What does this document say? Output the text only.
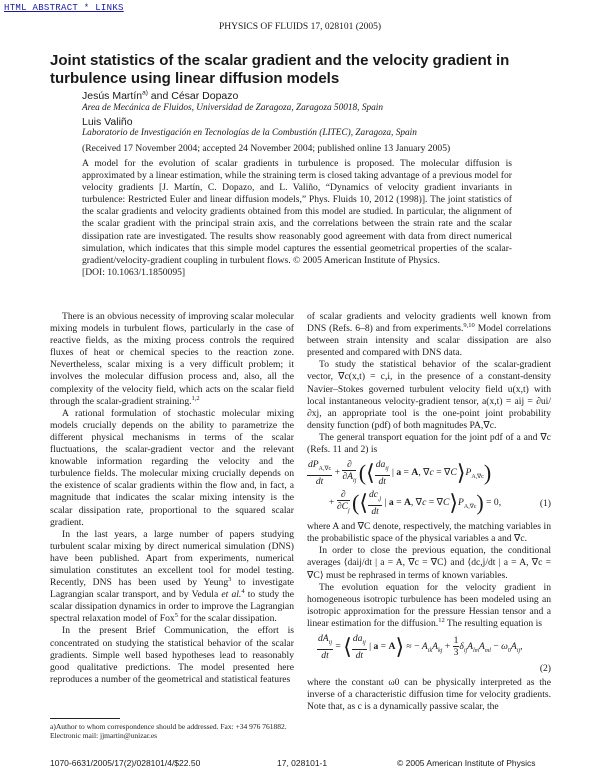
HTML ABSTRACT * LINKS
PHYSICS OF FLUIDS 17, 028101 (2005)
Joint statistics of the scalar gradient and the velocity gradient in turbulence using linear diffusion models
Jesús Martín$^{a)}$ and César Dopazo
Area de Mecánica de Fluidos, Universidad de Zaragoza, Zaragoza 50018, Spain
Luis Valiño
Laboratorio de Investigación en Tecnologías de la Combustión (LITEC), Zaragoza, Spain
(Received 17 November 2004; accepted 24 November 2004; published online 13 January 2005)
A model for the evolution of scalar gradients in turbulence is proposed. The molecular diffusion is approximated by a linear estimation, while the straining term is closed taking advantage of a previous model for velocity gradients [J. Martín, C. Dopazo, and L. Valiño, “Dynamics of velocity gradient invariants in turbulence: Restricted Euler and linear diffusion models,” Phys. Fluids 10, 2012 (1998)]. The joint statistics of the scalar gradients and velocity gradients obtained from this model are studied. In particular, the alignment of the scalar gradient with the principal strain axis, and the correlations between the strain rate and the scalar dissipation rate are investigated. The results show reasonably good agreement with data from direct numerical simulation, which indicates that this simple model captures the essential geometrical properties of the scalar-gradient/velocity-gradient coupling in turbulent flows. © 2005 American Institute of Physics.
[DOI: 10.1063/1.1850095]

There is an obvious necessity of improving scalar molecular mixing models in turbulent flows, particularly in the case of reactive fields, as the mixing process controls the required fluxes of heat or chemical species to the reaction zone. Nevertheless, scalar mixing is a very difficult problem; it involves the molecular diffusion process and, also, all the complexity of the velocity field, which acts on the scalar field through the scalar-gradient straining.$^{1,2}$

A rational formulation of stochastic molecular mixing models crucially depends on the ability to parametrize the different physical mechanisms in terms of the scalar fluctuations, the scalar-gradient vector and the relevant knowable information regarding the velocity and the turbulence fields. The molecular mixing crucially depends on the existence of scalar gradients within the flow and, in fact, a magnitude that indicates the scalar mixing intensity is the scalar dissipation rate, proportional to the squared scalar gradient.

In the last years, a large number of papers studying turbulent scalar mixing by direct numerical simulation (DNS) have been published. Apart from experiments, numerical simulation constitutes an excellent tool for model testing. Recently, DNS has been used by Yeung$^3$ to investigate Lagrangian scalar transport, and by Vedula et al.$^4$ to study the scalar dissipation dynamics in order to improve the Lagrangian spectral relaxation model of Fox$^5$ for the scalar dissipation.

In the present Brief Communication, the effort is concentrated on studying the statistical behavior of the scalar gradients. Simple well based hypotheses lead to reasonably good qualitative predictions. The model presented here reproduces a number of the geometrical and statistical features

a)Author to whom correspondence should be addressed. Fax: +34 976 761882. Electronic mail: jjmartin@unizar.es

of scalar gradients and velocity gradients well known from DNS (Refs. 6–8) and from experiments.$^{9,10}$ Model correlations between strain intensity and scalar dissipation are also presented and compared with DNS data.

To study the statistical behavior of the scalar-gradient vector, ∇c(x,t) = c,i, in the presence of a constant-density Navier–Stokes governed turbulent velocity field u(x,t) with local instantaneous velocity-gradient tensor, a(x,t) = aij = ∂ui/∂xj, an appropriate tool is the one-point joint probability density function (pdf) of both magnitudes PA,∇c.

The general transport equation for the joint pdf of a and ∇c (Refs. 11 and 2) is

$\frac{dP_{A,\nabla c}}{dt} + \frac{\partial}{\partial A_{ij}}$ (⟨ $\frac{da_{ij}}{dt}$ | a = A, $\nabla c = \nabla C⟩P_{A,\nabla c}$)
+ $\frac{\partial}{\partial C_j}$ (⟨ $\frac{dc_{,j}}{dt}$ | a = A, $\nabla c = \nabla C⟩P_{A,\nabla c}) = 0$,	(1)

where A and ∇C denote, respectively, the matching variables in the probabilistic space of the physical variables a and ∇c.

In order to close the previous equation, the conditional averages ⟨daij/dt | a = A, ∇c = ∇C⟩ and ⟨dc,j/dt | a = A, ∇c = ∇C⟩ must be rephrased in terms of known variables.

The evolution equation for the velocity gradient in homogeneous isotropic turbulence has been modeled using an isotropic approximation for the pressure Hessian tensor and a linear estimation for the diffusion.$^{12}$ The resulting equation is

$\frac{dA_{ij}}{dt}$ = ⟨ $\frac{da_{ij}}{dt}$ | a = A⟩ ≈ − $A_{ik}A_{kj} + \frac{1}{3} \delta_{ij}A_{lm}A_{ml} - \omega_0A_{ij}$,
(2)

where the constant ω0 can be physically interpreted as the inverse of a characteristic diffusion time for velocity gradients. Note that, as c is a dynamically passive scalar, the

1070-6631/2005/17(2)/028101/4/$22.50	17, 028101-1	© 2005 American Institute of Physics
